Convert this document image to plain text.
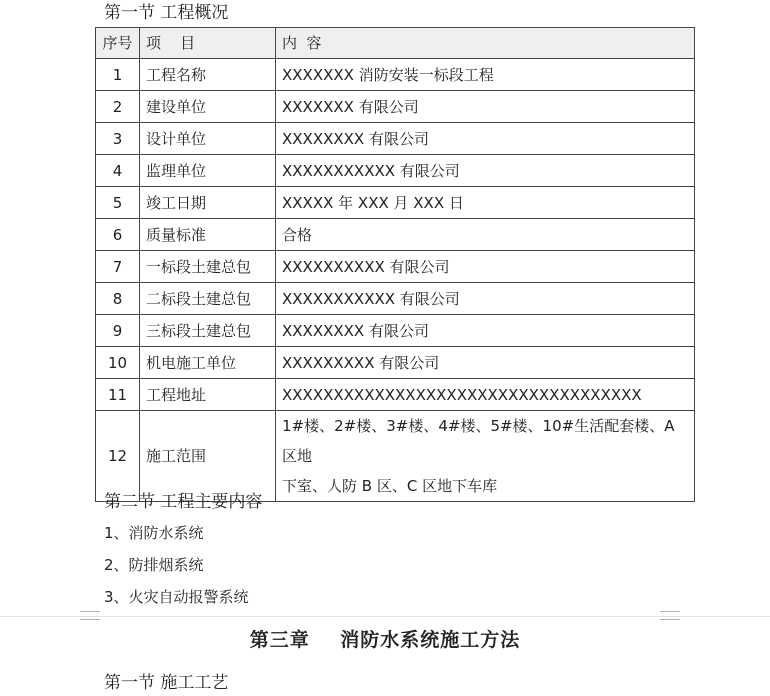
第一节 工程概况
序号	项    目	内  容
1	工程名称	XXXXXXX 消防安装一标段工程
2	建设单位	XXXXXXX 有限公司
3	设计单位	XXXXXXXX 有限公司
4	监理单位	XXXXXXXXXXX 有限公司
5	竣工日期	XXXXX 年 XXX 月 XXX 日
6	质量标准	合格
7	一标段土建总包	XXXXXXXXXX 有限公司
8	二标段土建总包	XXXXXXXXXXX 有限公司
9	三标段土建总包	XXXXXXXX 有限公司
10	机电施工单位	XXXXXXXXX 有限公司
11	工程地址	XXXXXXXXXXXXXXXXXXXXXXXXXXXXXXXXXXX
12	施工范围	1#楼、2#楼、3#楼、4#楼、5#楼、10#生活配套楼、A 区地
下室、人防 B 区、C 区地下车库
第二节 工程主要内容
1、消防水系统
2、防排烟系统
3、火灾自动报警系统
第三章    消防水系统施工方法
第一节 施工工艺
